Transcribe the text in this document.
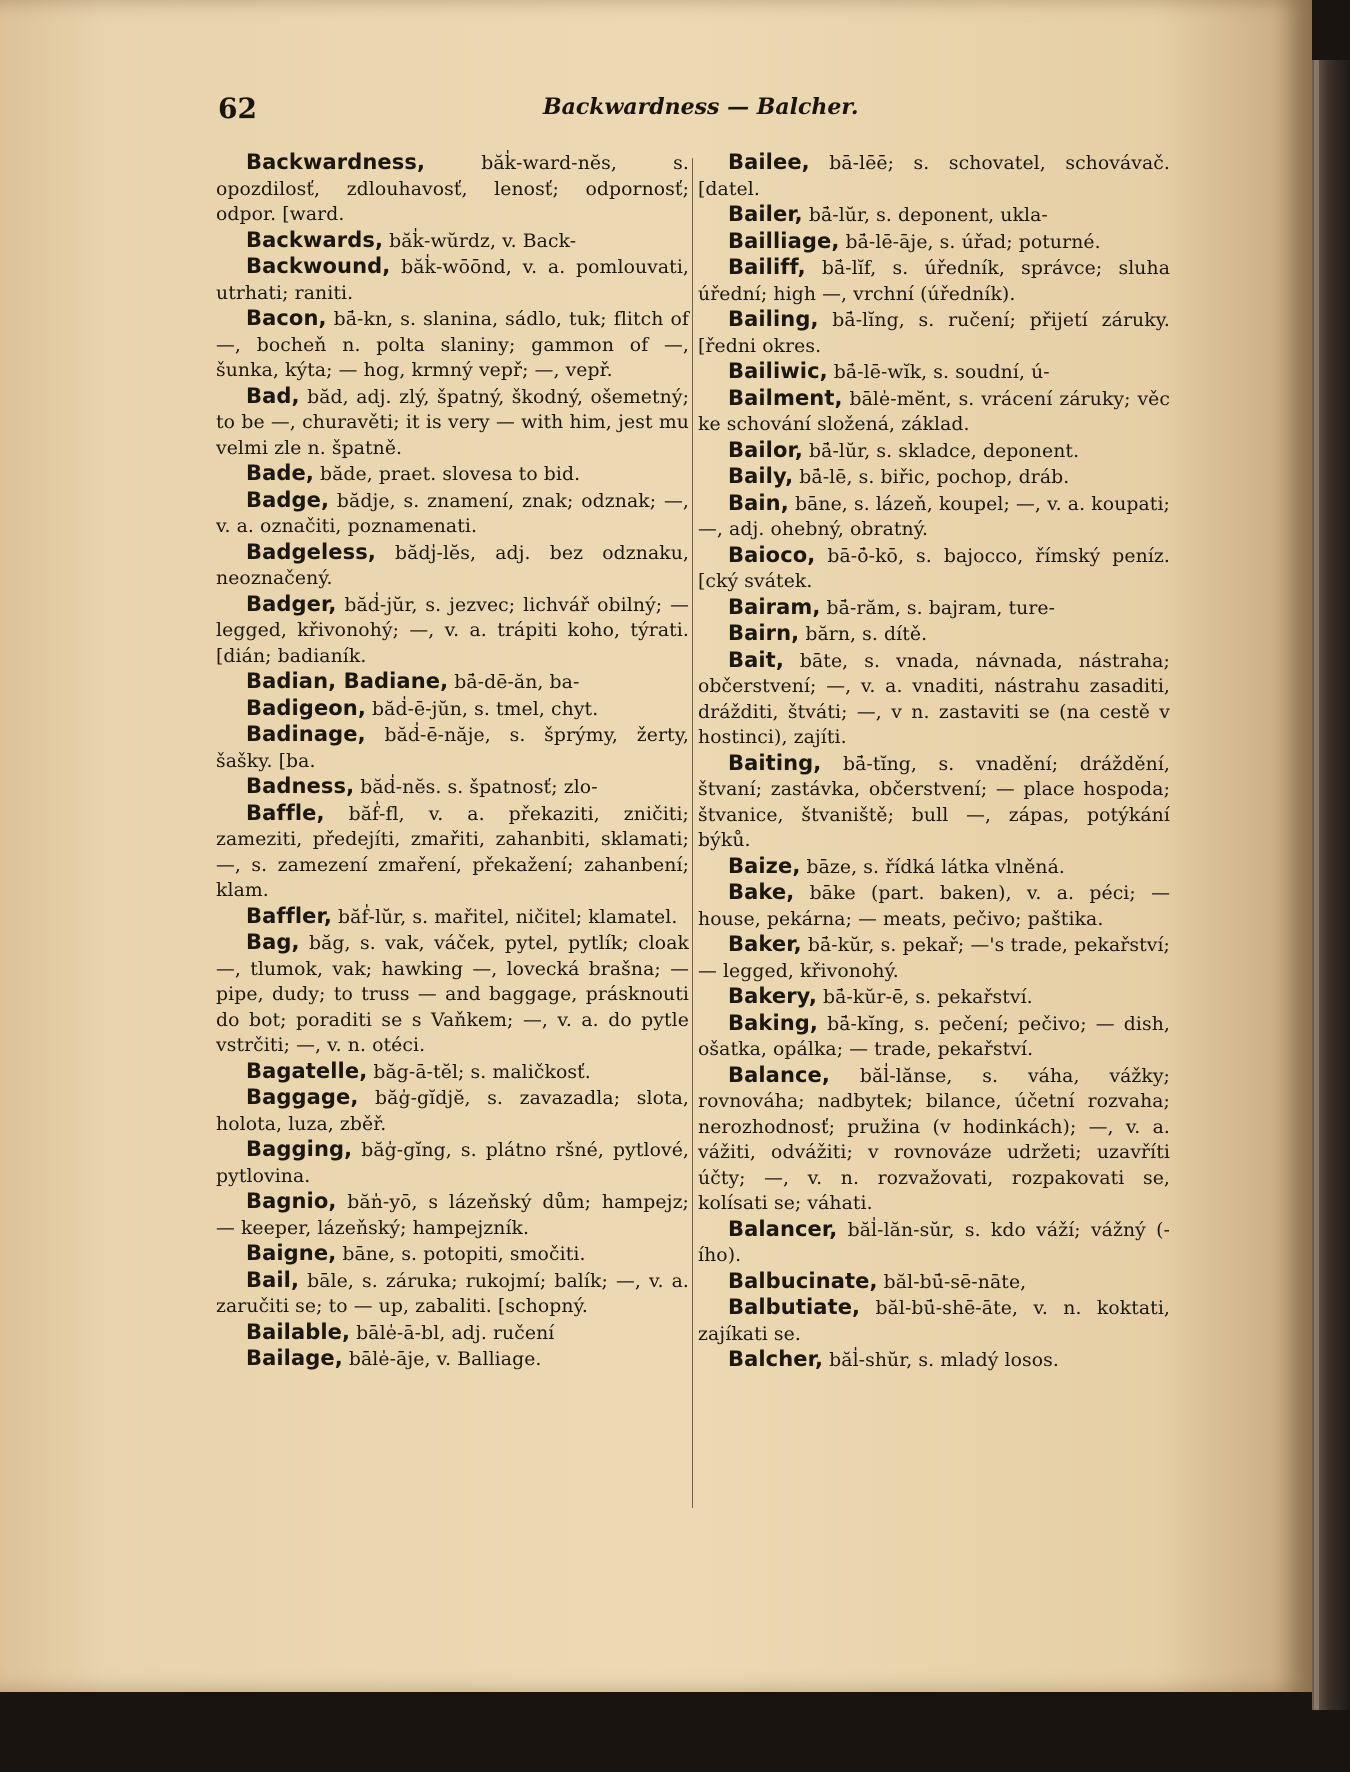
62	Backwardness — Balcher.
Backwardness, băk̍-ward-nĕs, s. opozdilosť, zdlouhavosť, lenosť; odpornosť; odpor. [ward.
Backwards, băk̍-wŭrdz, v. Back-
Backwound, băk̍-wōōnd, v. a. pomlouvati, utrhati; raniti.
Bacon, bā̍-kn, s. slanina, sádlo, tuk; flitch of —, bocheň n. polta slaniny; gammon of —, šunka, kýta; — hog, krmný vepř; —, vepř.
Bad, băd, adj. zlý, špatný, škodný, ošemetný; to be —, churavěti; it is very — with him, jest mu velmi zle n. špatně.
Bade, băde, praet. slovesa to bid.
Badge, bădje, s. znamení, znak; odznak; —, v. a. označiti, poznamenati.
Badgeless, bădj̍-lĕs, adj. bez odznaku, neoznačený.
Badger, băd̍-jŭr, s. jezvec; lichvář obilný; — legged, křivonohý; —, v. a. trápiti koho, týrati. [dián; badianík.
Badian, Badiane, bā̍-dē-ăn, ba-
Badigeon, băd̍-ē-jŭn, s. tmel, chyt.
Badinage, băd̍-ē-năje, s. šprýmy, žerty, šašky. [ba.
Badness, băd̍-nĕs. s. špatnosť; zlo-
Baffle, băf̍-fl, v. a. překaziti, zničiti; zameziti, předejíti, zmařiti, zahanbiti, sklamati; —, s. zamezení zmaření, překažení; zahanbení; klam.
Baffler, băf̍-lŭr, s. mařitel, ničitel; klamatel.
Bag, băg, s. vak, váček, pytel, pytlík; cloak —, tlumok, vak; hawking —, lovecká brašna; — pipe, dudy; to truss — and baggage, prásknouti do bot; poraditi se s Vaňkem; —, v. a. do pytle vstrčiti; —, v. n. otéci.
Bagatelle, băg-ā-tĕl; s. maličkosť.
Baggage, băg̍-gĭdjĕ, s. zavazadla; slota, holota, luza, zběř.
Bagging, băg̍-gĭng, s. plátno ršné, pytlové, pytlovina.
Bagnio, băn̍-yō, s lázeňský dům; hampejz; — keeper, lázeňský; hampejzník.
Baigne, bāne, s. potopiti, smočiti.
Bail, bāle, s. záruka; rukojmí; balík; —, v. a. zaručiti se; to — up, zabaliti. [schopný.
Bailable, bāle̍-ā-bl, adj. ručení
Bailage, bāle̍-āje, v. Balliage.
Bailee, bā-lēē; s. schovatel, schovávač. [datel.
Bailer, bā̍-lŭr, s. deponent, ukla-
Bailliage, bā̍-lē-āje, s. úřad; poturné.
Bailiff, bā̍-lĭf, s. úředník, správce; sluha úřední; high —, vrchní (úředník).
Bailing, bā̍-lĭng, s. ručení; přijetí záruky. [ředni okres.
Bailiwic, bā̍-lē-wĭk, s. soudní, ú-
Bailment, bāle̍-mĕnt, s. vrácení záruky; věc ke schování složená, základ.
Bailor, bā̍-lŭr, s. skladce, deponent.
Baily, bā̍-lē, s. biřic, pochop, dráb.
Bain, bāne, s. lázeň, koupel; —, v. a. koupati; —, adj. ohebný, obratný.
Baioco, bā-ō̍-kō, s. bajocco, římský peníz. [cký svátek.
Bairam, bā̍-răm, s. bajram, ture-
Bairn, bărn, s. dítě.
Bait, bāte, s. vnada, návnada, nástraha; občerstvení; —, v. a. vnaditi, nástrahu zasaditi, drážditi, štváti; —, v n. zastaviti se (na cestě v hostinci), zajíti.
Baiting, bā̍-tĭng, s. vnadění; dráždění, štvaní; zastávka, občerstvení; — place hospoda; štvanice, štvaniště; bull —, zápas, potýkání býků.
Baize, bāze, s. řídká látka vlněná.
Bake, bāke (part. baken), v. a. péci; — house, pekárna; — meats, pečivo; paštika.
Baker, bā̍-kŭr, s. pekař; —'s trade, pekařství; — legged, křivonohý.
Bakery, bā̍-kŭr-ē, s. pekařství.
Baking, bā̍-kĭng, s. pečení; pečivo; — dish, ošatka, opálka; — trade, pekařství.
Balance, băl̍-lănse, s. váha, vážky; rovnováha; nadbytek; bilance, účetní rozvaha; nerozhodnosť; pružina (v hodinkách); —, v. a. vážiti, odvážiti; v rovnováze udržeti; uzavříti účty; —, v. n. rozvažovati, rozpakovati se, kolísati se; váhati.
Balancer, băl̍-lăn-sŭr, s. kdo váží; vážný (-ího).
Balbucinate, băl-bū̍-sē-nāte,
Balbutiate, băl-bū̍-shē-āte, v. n. koktati, zajíkati se.
Balcher, băl̍-shŭr, s. mladý losos.
